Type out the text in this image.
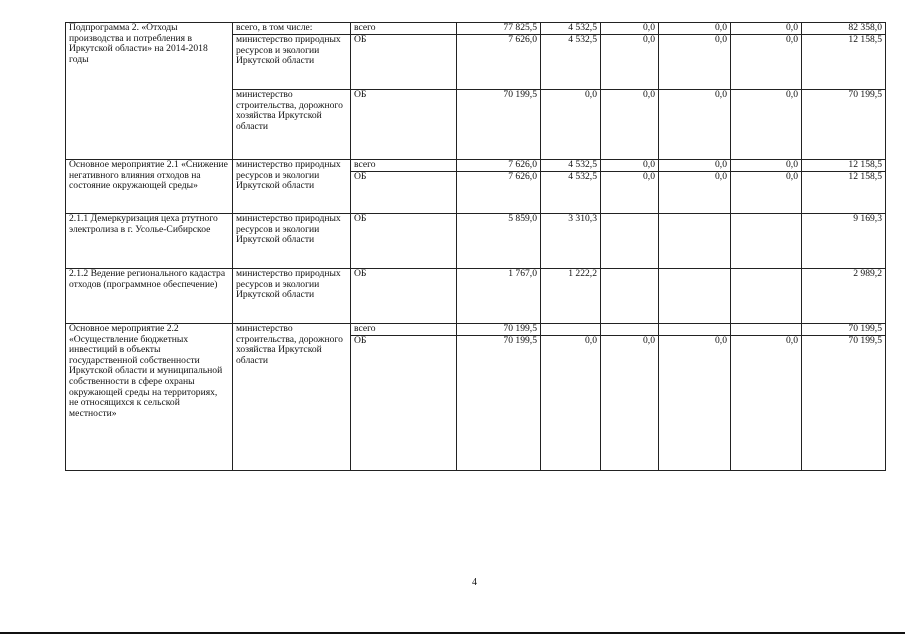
Подпрограмма 2. «Отходы производства и потребления в Иркутской области» на 2014-2018 годы	всего, в том числе:	всего	77 825,5	4 532,5	0,0	0,0	0,0	82 358,0
	министерство природных ресурсов и экологии Иркутской области	ОБ	7 626,0	4 532,5	0,0	0,0	0,0	12 158,5
	министерство строительства, дорожного хозяйства Иркутской области	ОБ	70 199,5	0,0	0,0	0,0	0,0	70 199,5
Основное мероприятие 2.1 «Снижение негативного влияния отходов на состояние окружающей среды»	министерство природных ресурсов и экологии Иркутской области	всего	7 626,0	4 532,5	0,0	0,0	0,0	12 158,5
		ОБ	7 626,0	4 532,5	0,0	0,0	0,0	12 158,5
2.1.1 Демеркуризация цеха ртутного электролиза в г. Усолье-Сибирское	министерство природных ресурсов и экологии Иркутской области	ОБ	5 859,0	3 310,3				9 169,3
2.1.2 Ведение регионального кадастра отходов (программное обеспечение)	министерство природных ресурсов и экологии Иркутской области	ОБ	1 767,0	1 222,2				2 989,2
Основное мероприятие 2.2 «Осуществление бюджетных инвестиций в объекты государственной собственности Иркутской области и муниципальной собственности в сфере охраны окружающей среды на территориях, не относящихся к сельской местности»	министерство строительства, дорожного хозяйства Иркутской области	всего	70 199,5					70 199,5
		ОБ	70 199,5	0,0	0,0	0,0	0,0	70 199,5
4
